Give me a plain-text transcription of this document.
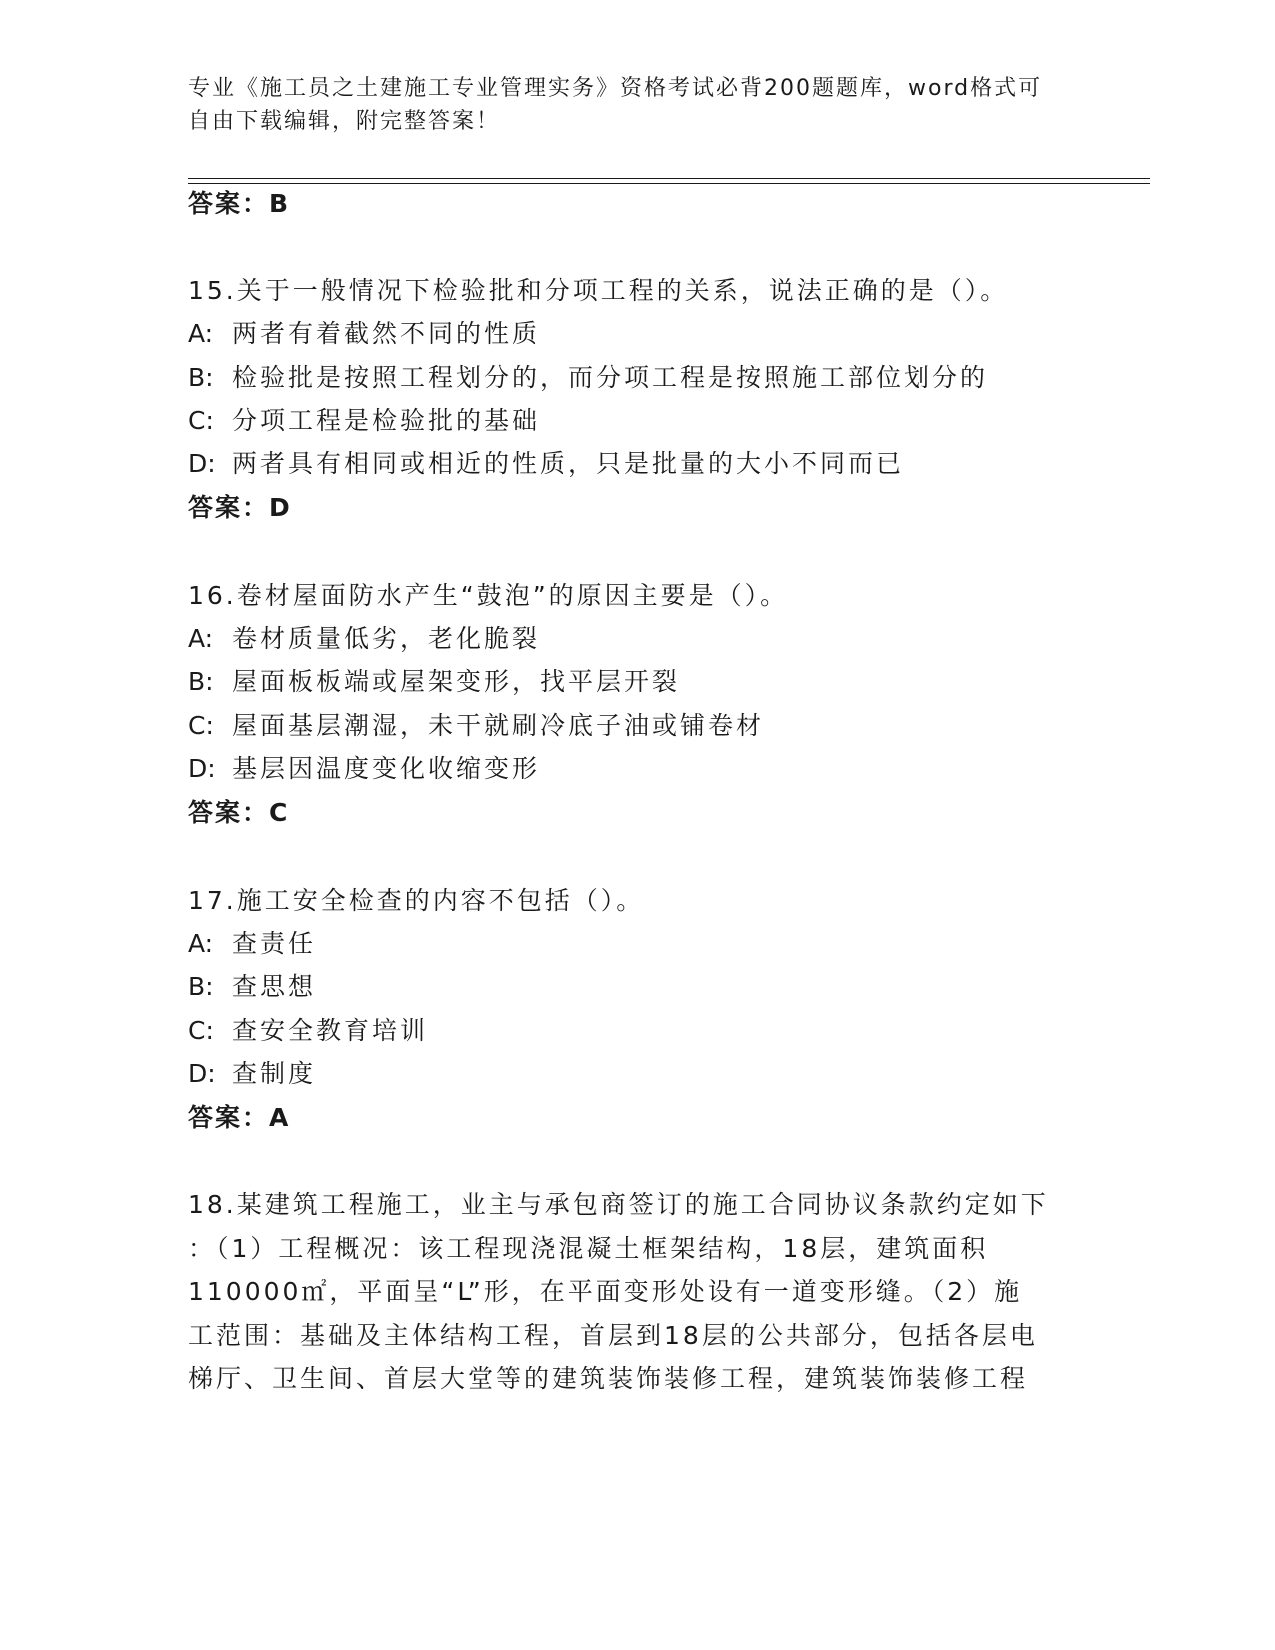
专业《施工员之土建施工专业管理实务》资格考试必背200题题库，word格式可
自由下载编辑，附完整答案！
答案：B
15.关于一般情况下检验批和分项工程的关系，说法正确的是（）。
A: 两者有着截然不同的性质
B: 检验批是按照工程划分的，而分项工程是按照施工部位划分的
C: 分项工程是检验批的基础
D: 两者具有相同或相近的性质，只是批量的大小不同而已
答案：D
16.卷材屋面防水产生“鼓泡”的原因主要是（）。
A: 卷材质量低劣，老化脆裂
B: 屋面板板端或屋架变形，找平层开裂
C: 屋面基层潮湿，未干就刷冷底子油或铺卷材
D: 基层因温度变化收缩变形
答案：C
17.施工安全检查的内容不包括（）。
A: 查责任
B: 查思想
C: 查安全教育培训
D: 查制度
答案：A
18.某建筑工程施工，业主与承包商签订的施工合同协议条款约定如下
：（1）工程概况：该工程现浇混凝土框架结构，18层，建筑面积
110000㎡，平面呈“L”形，在平面变形处设有一道变形缝。（2）施
工范围：基础及主体结构工程，首层到18层的公共部分，包括各层电
梯厅、卫生间、首层大堂等的建筑装饰装修工程，建筑装饰装修工程
